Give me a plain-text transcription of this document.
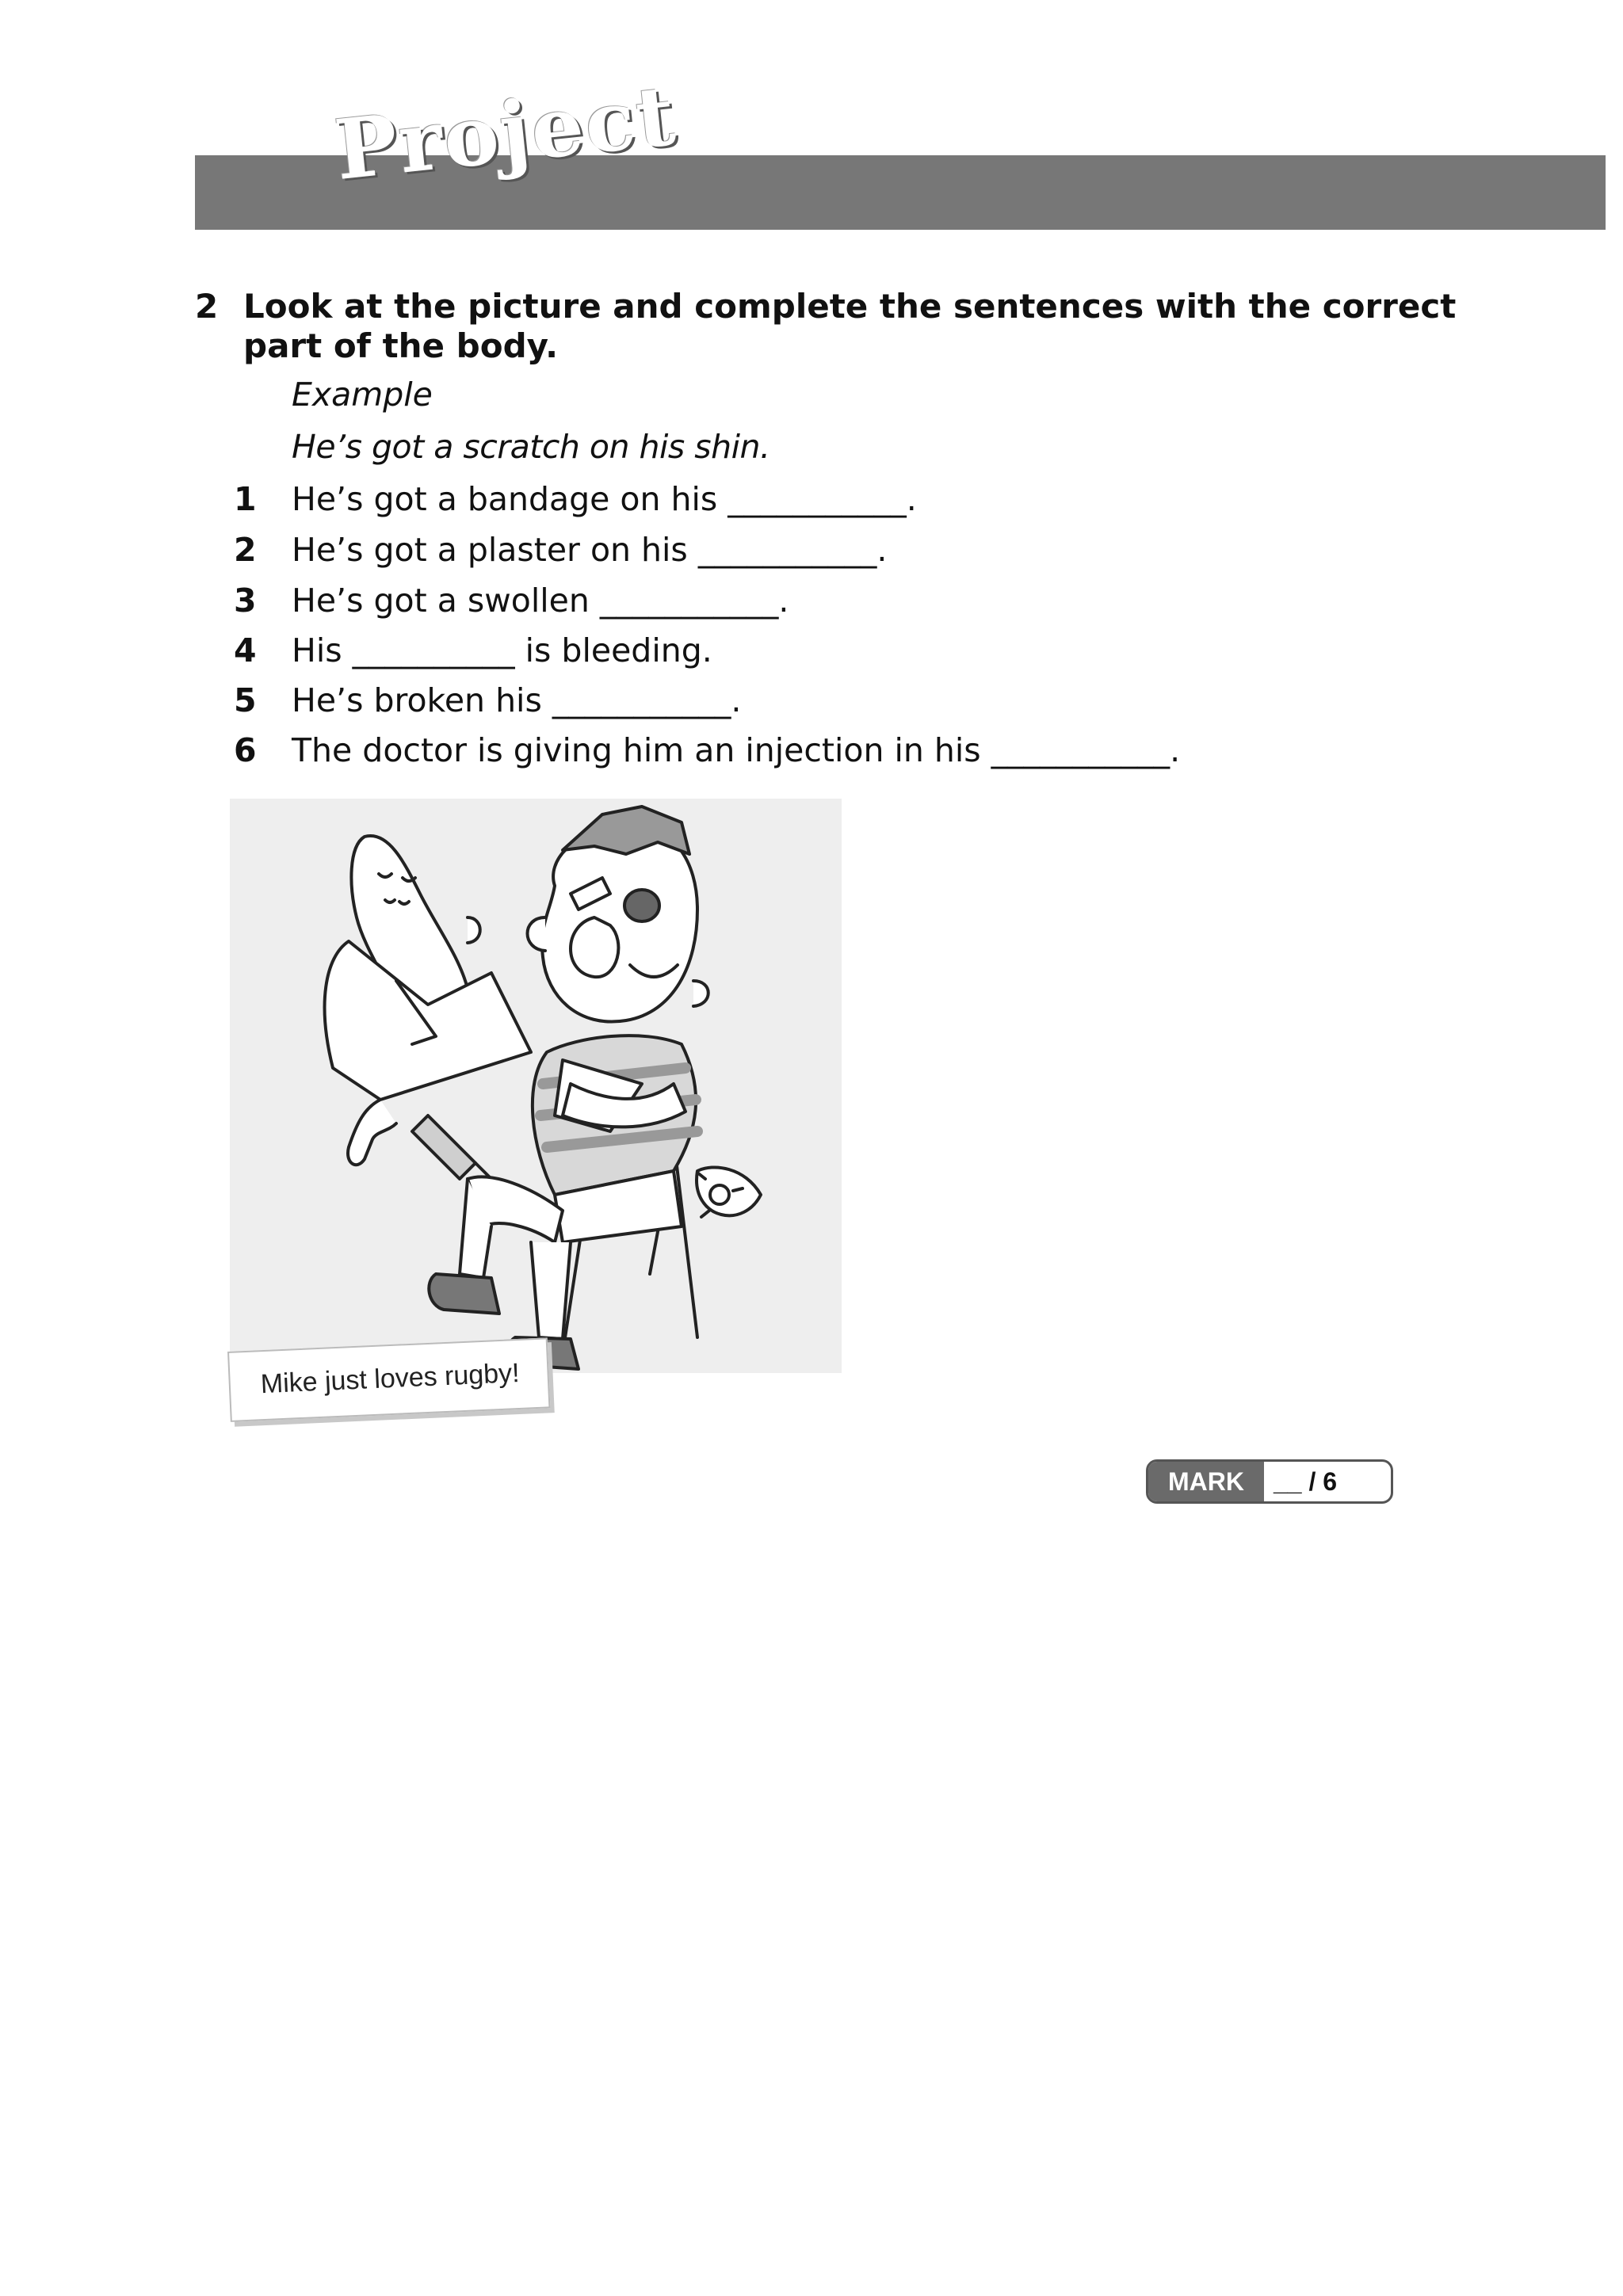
Project
2 Look at the picture and complete the sentences with the correct part of the body.
Example
He’s got a scratch on his shin.
1 He’s got a bandage on his ___________.
2 He’s got a plaster on his ___________.
3 He’s got a swollen ___________.
4 His __________ is bleeding.
5 He’s broken his ___________.
6 The doctor is giving him an injection in his ___________.
Mike just loves rugby!
MARK	__ / 6
